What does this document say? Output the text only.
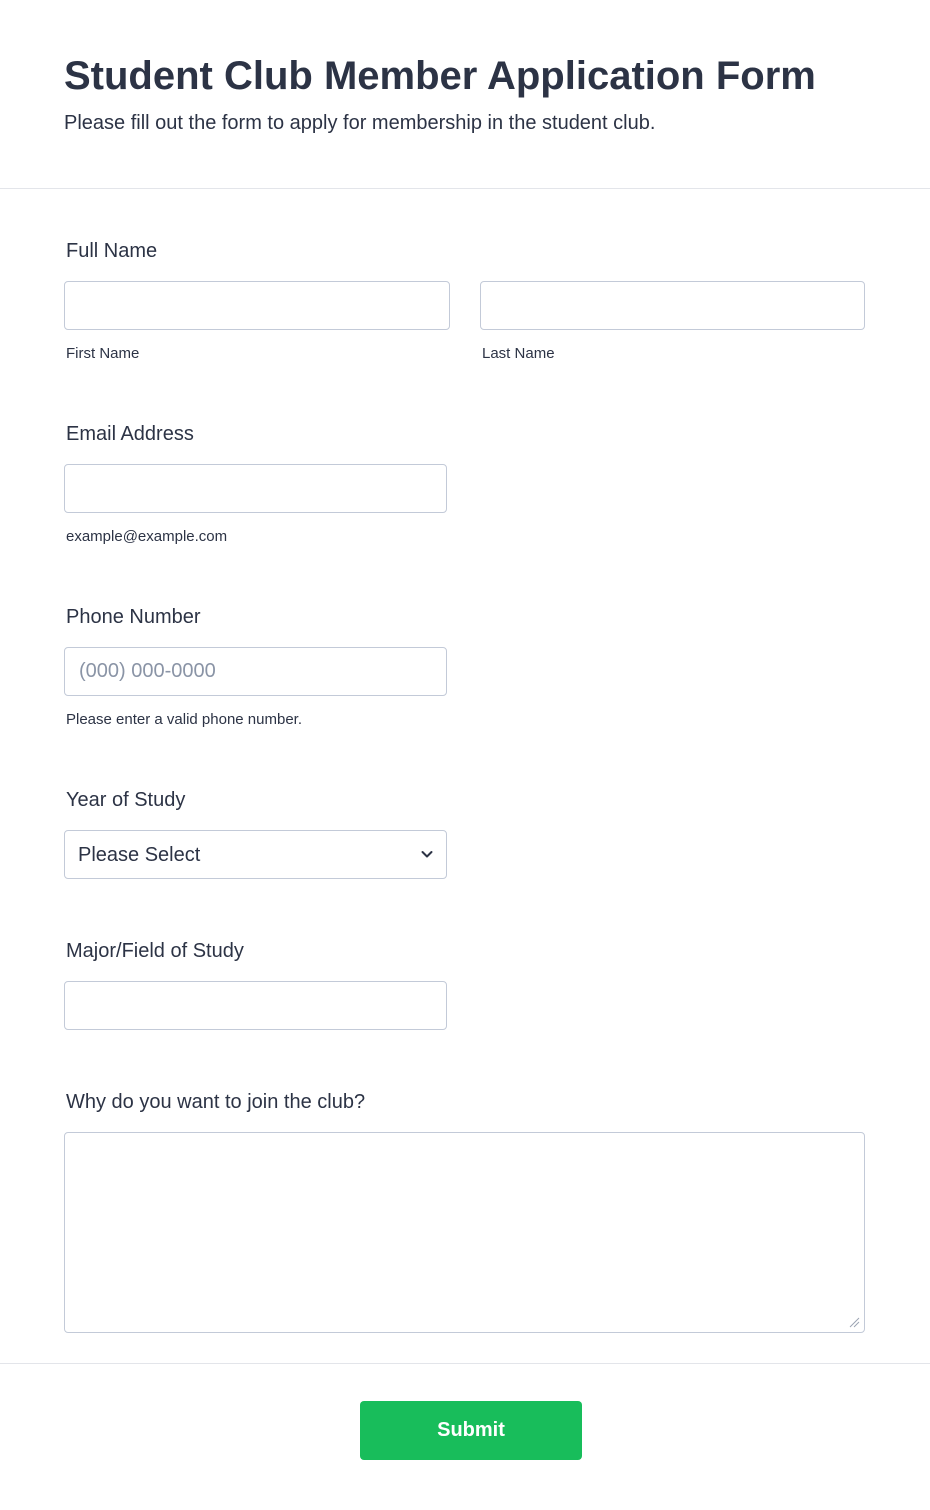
Student Club Member Application Form

Please fill out the form to apply for membership in the student club.

Full Name
First Name	Last Name
Email Address
example@example.com
Phone Number
(000) 000-0000
Please enter a valid phone number.
Year of Study
Please Select
Major/Field of Study
Why do you want to join the club?
Submit
